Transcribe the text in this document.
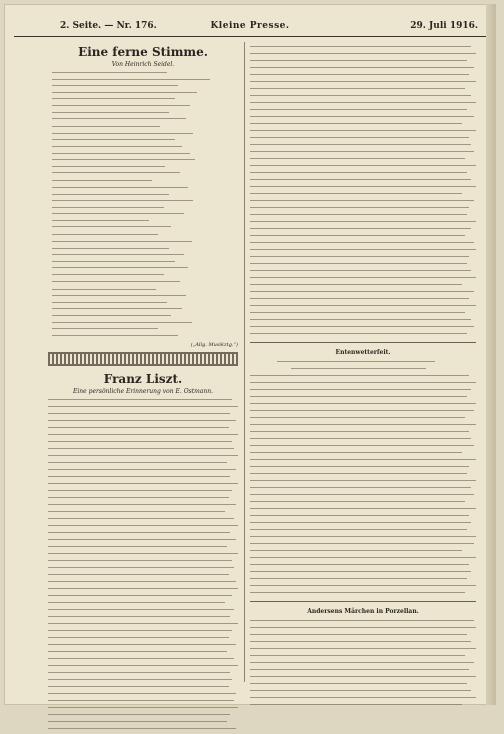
2. Seite. — Nr. 176.	Kleine Presse.	29. Juli 1916.
Eine ferne Stimme.
Von Heinrich Seidel.
(„Allg. Musikztg.“)
Franz Liszt.
Eine persönliche Erinnerung von E. Ostmann.
Entenwetterfeit.
Andersens Märchen in Porzellan.
